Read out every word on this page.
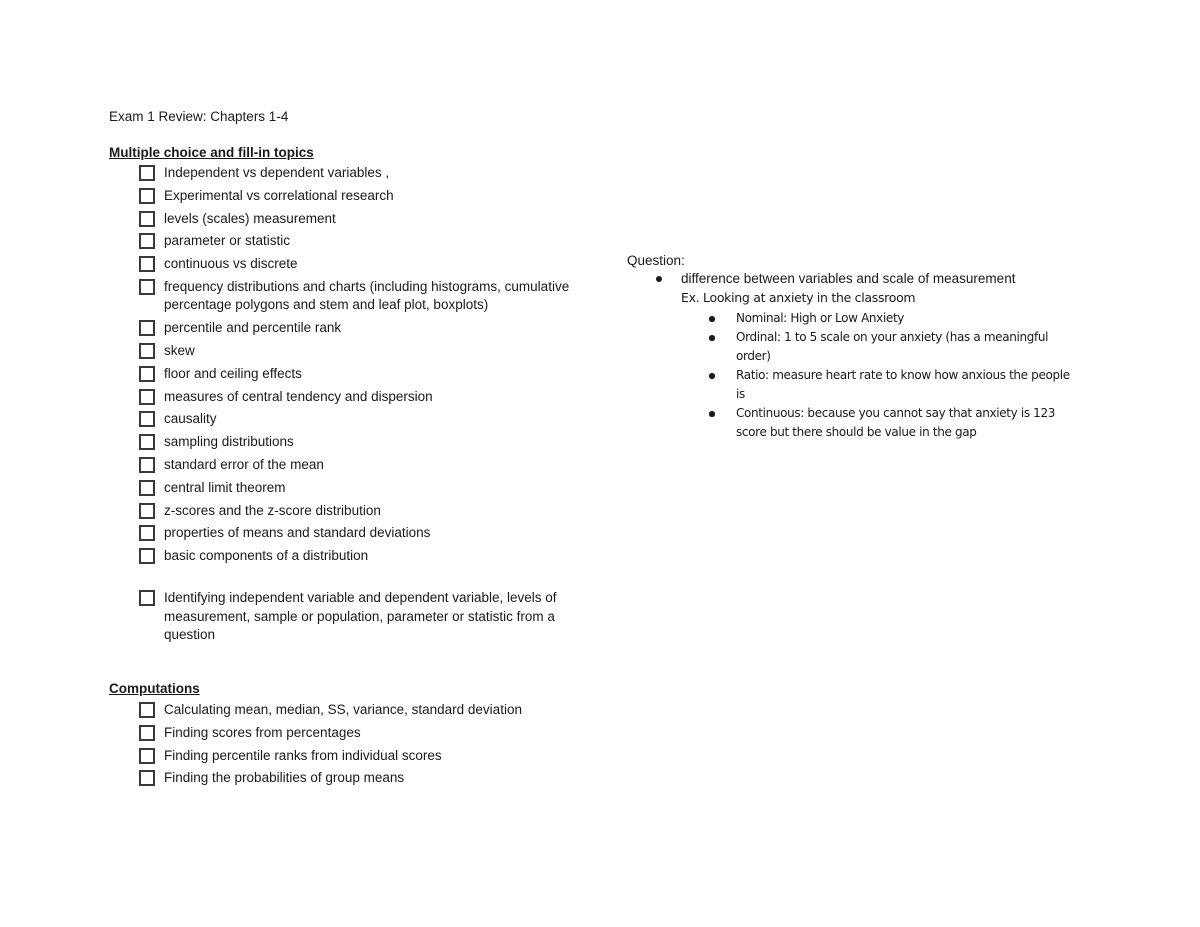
Exam 1 Review: Chapters 1-4
Multiple choice and fill-in topics
Independent vs dependent variables ,
Experimental vs correlational research
levels (scales) measurement
parameter or statistic
continuous vs discrete
frequency distributions and charts (including histograms, cumulative percentage polygons and stem and leaf plot, boxplots)
percentile and percentile rank
skew
floor and ceiling effects
measures of central tendency and dispersion
causality
sampling distributions
standard error of the mean
central limit theorem
z-scores and the z-score distribution
properties of means and standard deviations
basic components of a distribution
Identifying independent variable and dependent variable, levels of measurement, sample or population, parameter or statistic from a question
Computations
Calculating mean, median, SS, variance, standard deviation
Finding scores from percentages
Finding percentile ranks from individual scores
Finding the probabilities of group means
Question:
difference between variables and scale of measurement
Ex. Looking at anxiety in the classroom
Nominal: High or Low Anxiety
Ordinal: 1 to 5 scale on your anxiety (has a meaningful order)
Ratio: measure heart rate to know how anxious the people is
Continuous: because you cannot say that anxiety is 123 score but there should be value in the gap
